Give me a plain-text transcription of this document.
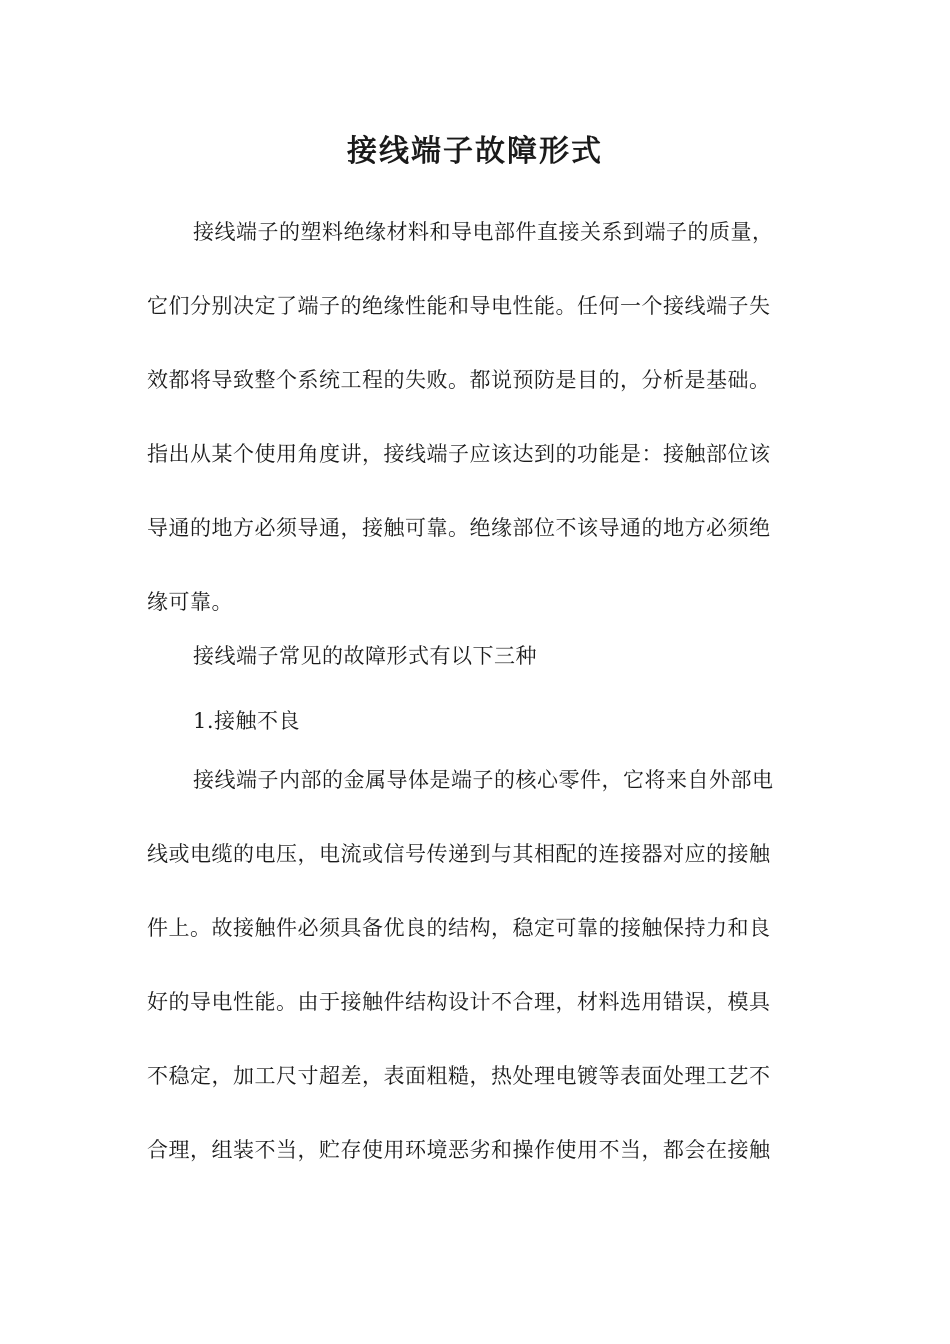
接线端子故障形式
接线端子的塑料绝缘材料和导电部件直接关系到端子的质量，
它们分别决定了端子的绝缘性能和导电性能。任何一个接线端子失
效都将导致整个系统工程的失败。都说预防是目的，分析是基础。
指出从某个使用角度讲，接线端子应该达到的功能是：接触部位该
导通的地方必须导通，接触可靠。绝缘部位不该导通的地方必须绝
缘可靠。

接线端子常见的故障形式有以下三种

1.接触不良

接线端子内部的金属导体是端子的核心零件，它将来自外部电
线或电缆的电压，电流或信号传递到与其相配的连接器对应的接触
件上。故接触件必须具备优良的结构，稳定可靠的接触保持力和良
好的导电性能。由于接触件结构设计不合理，材料选用错误，模具
不稳定，加工尺寸超差，表面粗糙，热处理电镀等表面处理工艺不
合理，组装不当，贮存使用环境恶劣和操作使用不当，都会在接触
